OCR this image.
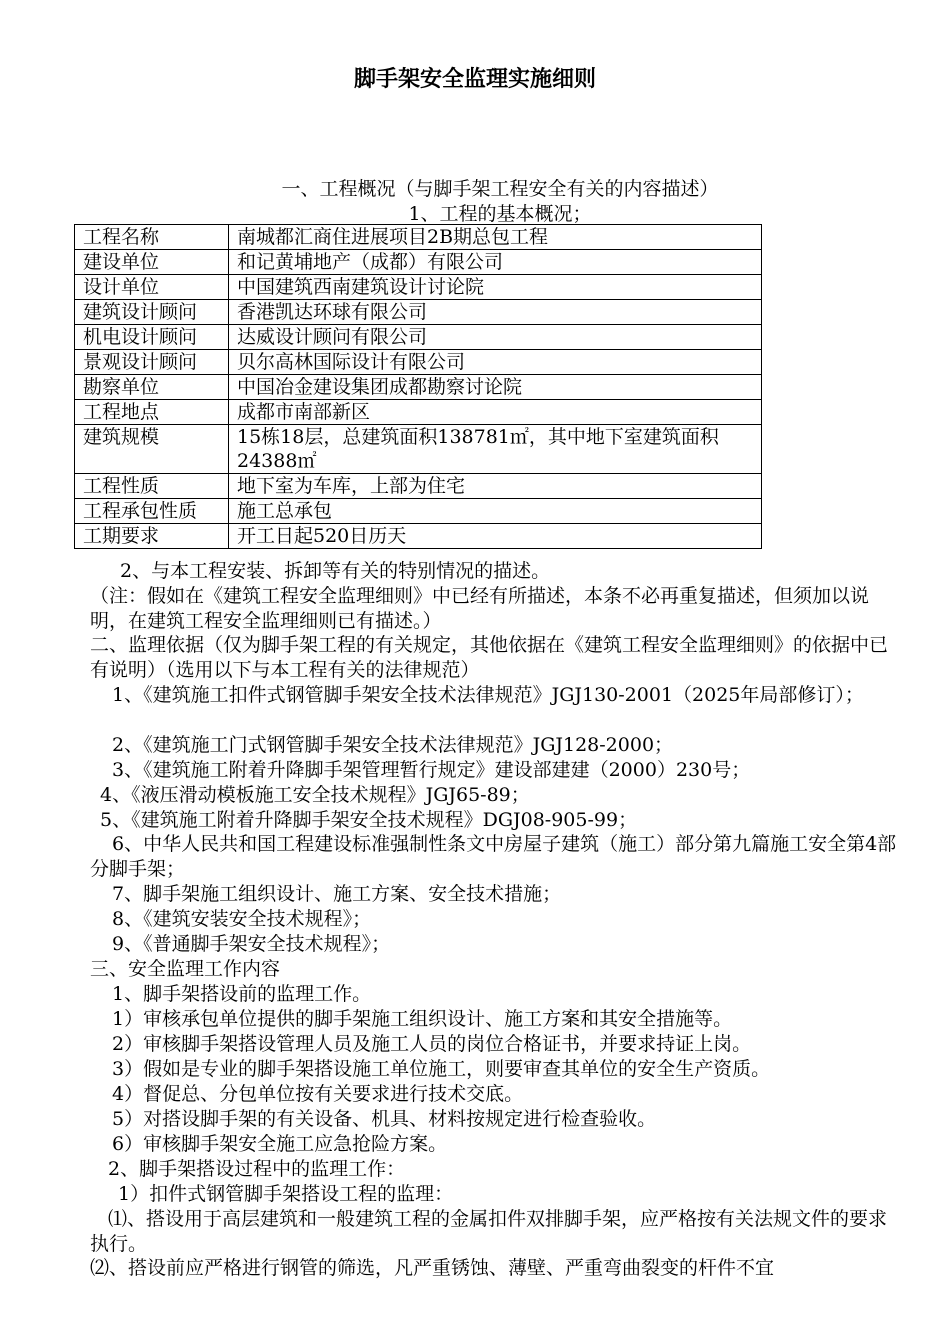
脚手架安全监理实施细则
一、工程概况（与脚手架工程安全有关的内容描述）
1、工程的基本概况；
工程名称	南城都汇商住进展项目2B期总包工程
建设单位	和记黄埔地产（成都）有限公司
设计单位	中国建筑西南建筑设计讨论院
建筑设计顾问	香港凯达环球有限公司
机电设计顾问	达威设计顾问有限公司
景观设计顾问	贝尔高林国际设计有限公司
勘察单位	中国冶金建设集团成都勘察讨论院
工程地点	成都市南部新区
建筑规模	15栋18层，总建筑面积138781㎡，其中地下室建筑面积24388㎡
工程性质	地下室为车库，上部为住宅
工程承包性质	施工总承包
工期要求	开工日起520日历天
2、与本工程安装、拆卸等有关的特别情况的描述。
（注：假如在《建筑工程安全监理细则》中已经有所描述，本条不必再重复描述，但须加以说明，在建筑工程安全监理细则已有描述。）
二、监理依据（仅为脚手架工程的有关规定，其他依据在《建筑工程安全监理细则》的依据中已有说明）（选用以下与本工程有关的法律规范）
1、《建筑施工扣件式钢管脚手架安全技术法律规范》JGJ130-2001（2025年局部修订）；
2、《建筑施工门式钢管脚手架安全技术法律规范》JGJ128-2000；
3、《建筑施工附着升降脚手架管理暂行规定》建设部建建（2000）230号；
4、《液压滑动模板施工安全技术规程》JGJ65-89；
5、《建筑施工附着升降脚手架安全技术规程》DGJ08-905-99；
6、中华人民共和国工程建设标准强制性条文中房屋子建筑（施工）部分第九篇施工安全第4部分脚手架；
7、脚手架施工组织设计、施工方案、安全技术措施；
8、《建筑安装安全技术规程》；
9、《普通脚手架安全技术规程》；
三、安全监理工作内容
1、脚手架搭设前的监理工作。
1）审核承包单位提供的脚手架施工组织设计、施工方案和其安全措施等。
2）审核脚手架搭设管理人员及施工人员的岗位合格证书，并要求持证上岗。
3）假如是专业的脚手架搭设施工单位施工，则要审查其单位的安全生产资质。
4）督促总、分包单位按有关要求进行技术交底。
5）对搭设脚手架的有关设备、机具、材料按规定进行检查验收。
6）审核脚手架安全施工应急抢险方案。
2、脚手架搭设过程中的监理工作：
1）扣件式钢管脚手架搭设工程的监理：
⑴、搭设用于高层建筑和一般建筑工程的金属扣件双排脚手架，应严格按有关法规文件的要求执行。
⑵、搭设前应严格进行钢管的筛选，凡严重锈蚀、薄壁、严重弯曲裂变的杆件不宜
